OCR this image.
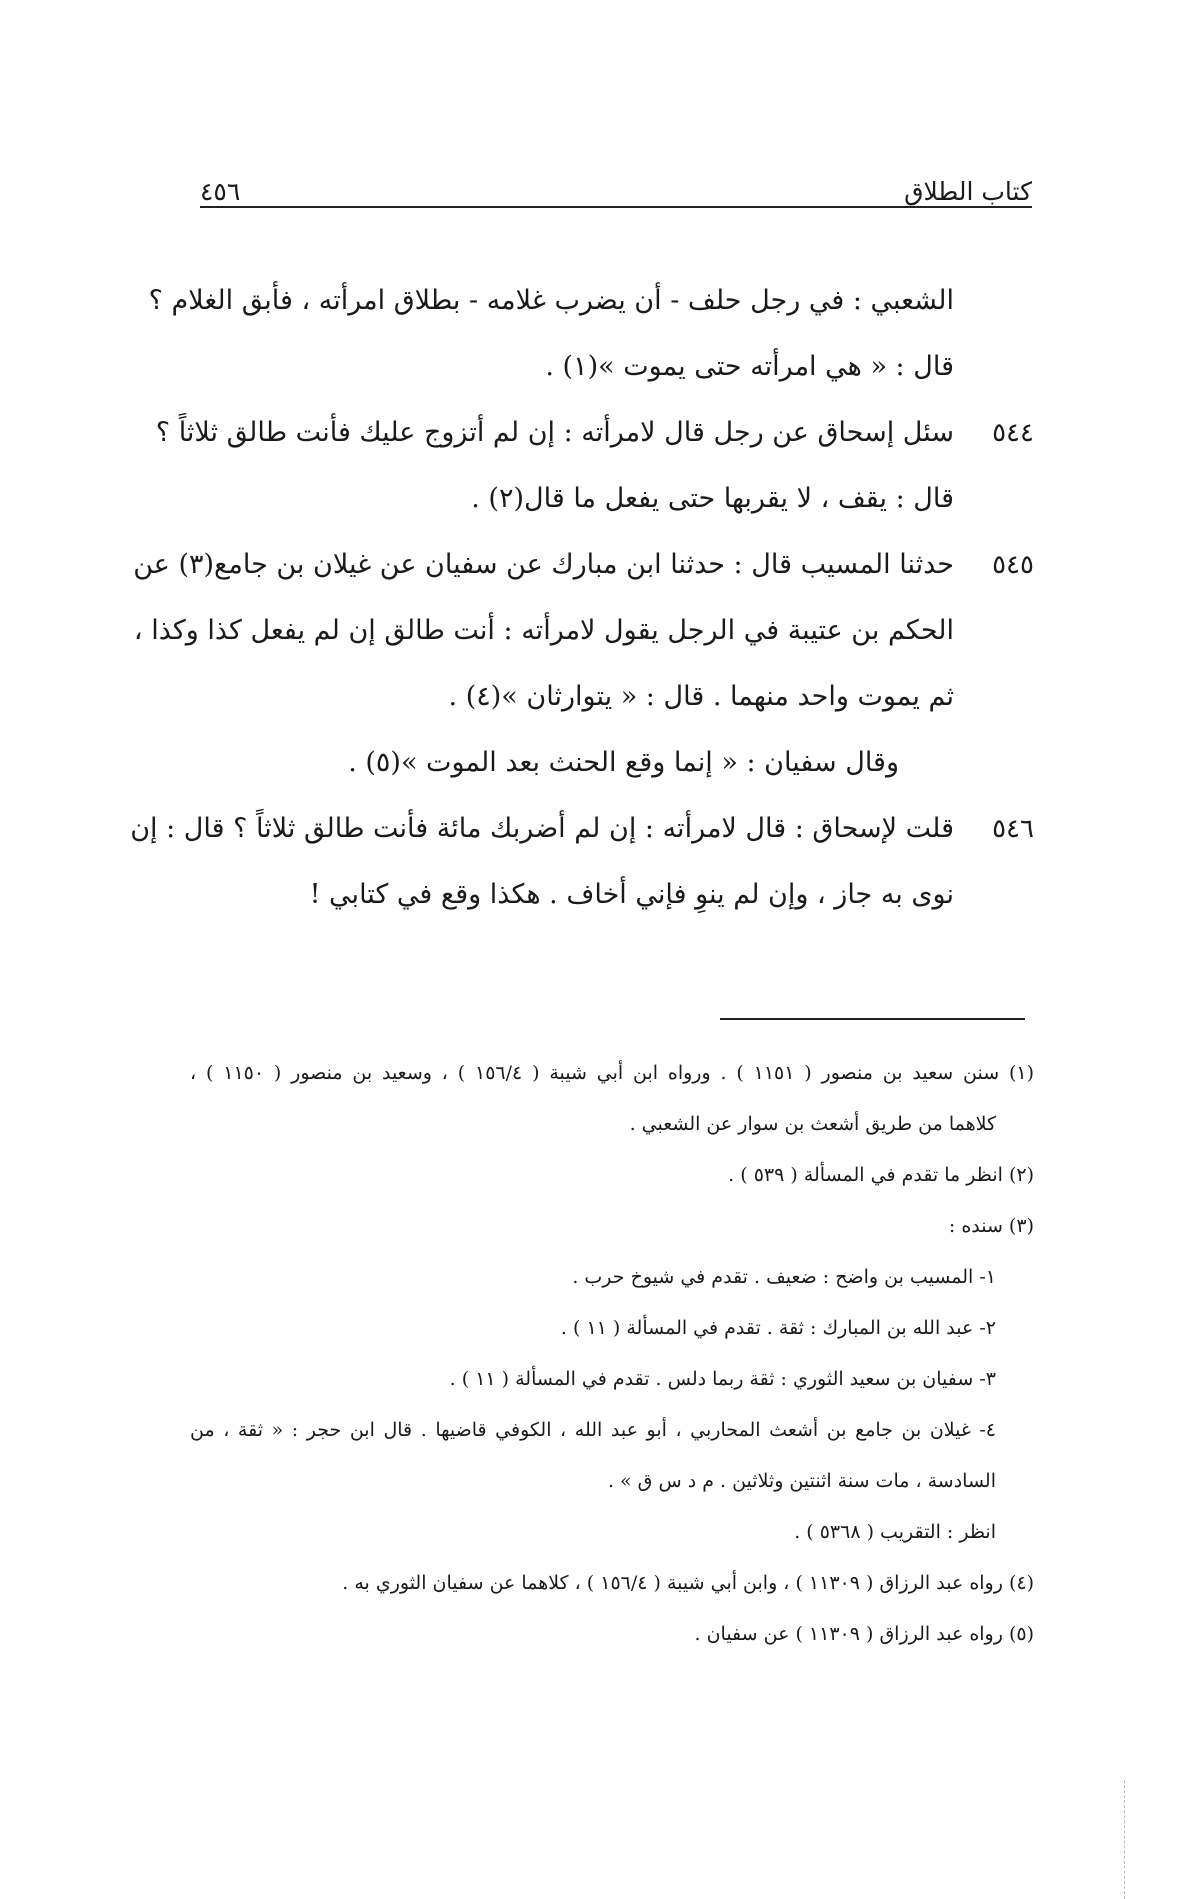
كتاب الطلاق
٤٥٦
الشعبي : في رجل حلف - أن يضرب غلامه - بطلاق امرأته ، فأبق الغلام ؟
قال : « هي امرأته حتى يموت »(١) .
٥٤٤
سئل إسحاق عن رجل قال لامرأته : إن لم أتزوج عليك فأنت طالق ثلاثاً ؟
قال : يقف ، لا يقربها حتى يفعل ما قال(٢) .
٥٤٥
حدثنا المسيب قال : حدثنا ابن مبارك عن سفيان عن غيلان بن جامع(٣) عن
الحكم بن عتيبة في الرجل يقول لامرأته : أنت طالق إن لم يفعل كذا وكذا ،
ثم يموت واحد منهما . قال : « يتوارثان »(٤) .
وقال سفيان : « إنما وقع الحنث بعد الموت »(٥) .
٥٤٦
قلت لإسحاق : قال لامرأته : إن لم أضربك مائة فأنت طالق ثلاثاً ؟ قال : إن
نوى به جاز ، وإن لم ينوِ فإني أخاف . هكذا وقع في كتابي !
(١) سنن سعيد بن منصور ( ١١٥١ ) . ورواه ابن أبي شيبة ( ١٥٦/٤ ) ، وسعيد بن منصور ( ١١٥٠ ) ،
كلاهما من طريق أشعث بن سوار عن الشعبي .
(٢) انظر ما تقدم في المسألة ( ٥٣٩ ) .
(٣) سنده :
١- المسيب بن واضح : ضعيف . تقدم في شيوخ حرب .
٢- عبد الله بن المبارك : ثقة . تقدم في المسألة ( ١١ ) .
٣- سفيان بن سعيد الثوري : ثقة ربما دلس . تقدم في المسألة ( ١١ ) .
٤- غيلان بن جامع بن أشعث المحاربي ، أبو عبد الله ، الكوفي قاضيها . قال ابن حجر : « ثقة ، من
السادسة ، مات سنة اثنتين وثلاثين . م د س ق » .
انظر : التقريب ( ٥٣٦٨ ) .
(٤) رواه عبد الرزاق ( ١١٣٠٩ ) ، وابن أبي شيبة ( ١٥٦/٤ ) ، كلاهما عن سفيان الثوري به .
(٥) رواه عبد الرزاق ( ١١٣٠٩ ) عن سفيان .
